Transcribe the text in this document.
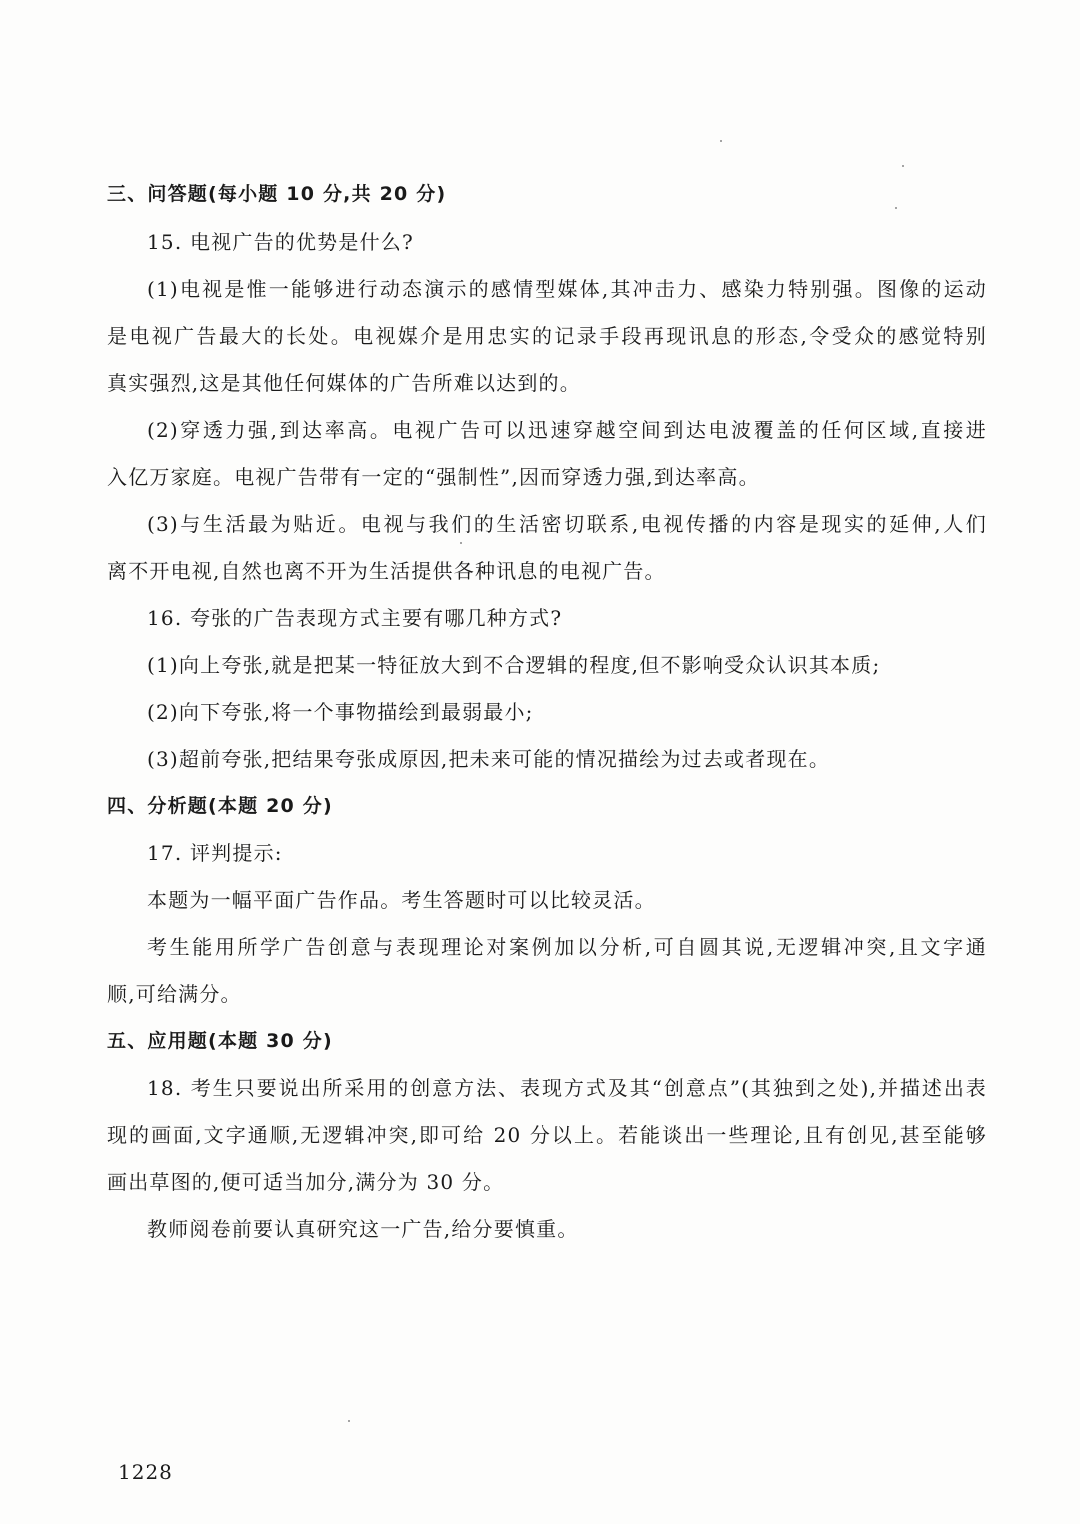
三、问答题(每小题 10 分,共 20 分)
15. 电视广告的优势是什么?
(1)电视是惟一能够进行动态演示的感情型媒体,其冲击力、感染力特别强。图像的运动
是电视广告最大的长处。电视媒介是用忠实的记录手段再现讯息的形态,令受众的感觉特别
真实强烈,这是其他任何媒体的广告所难以达到的。
(2)穿透力强,到达率高。电视广告可以迅速穿越空间到达电波覆盖的任何区域,直接进
入亿万家庭。电视广告带有一定的“强制性”,因而穿透力强,到达率高。
(3)与生活最为贴近。电视与我们的生活密切联系,电视传播的内容是现实的延伸,人们
离不开电视,自然也离不开为生活提供各种讯息的电视广告。
16. 夸张的广告表现方式主要有哪几种方式?
(1)向上夸张,就是把某一特征放大到不合逻辑的程度,但不影响受众认识其本质;
(2)向下夸张,将一个事物描绘到最弱最小;
(3)超前夸张,把结果夸张成原因,把未来可能的情况描绘为过去或者现在。
四、分析题(本题 20 分)
17. 评判提示:
本题为一幅平面广告作品。考生答题时可以比较灵活。
考生能用所学广告创意与表现理论对案例加以分析,可自圆其说,无逻辑冲突,且文字通
顺,可给满分。
五、应用题(本题 30 分)
18. 考生只要说出所采用的创意方法、表现方式及其“创意点”(其独到之处),并描述出表
现的画面,文字通顺,无逻辑冲突,即可给 20 分以上。若能谈出一些理论,且有创见,甚至能够
画出草图的,便可适当加分,满分为 30 分。
教师阅卷前要认真研究这一广告,给分要慎重。
1228
